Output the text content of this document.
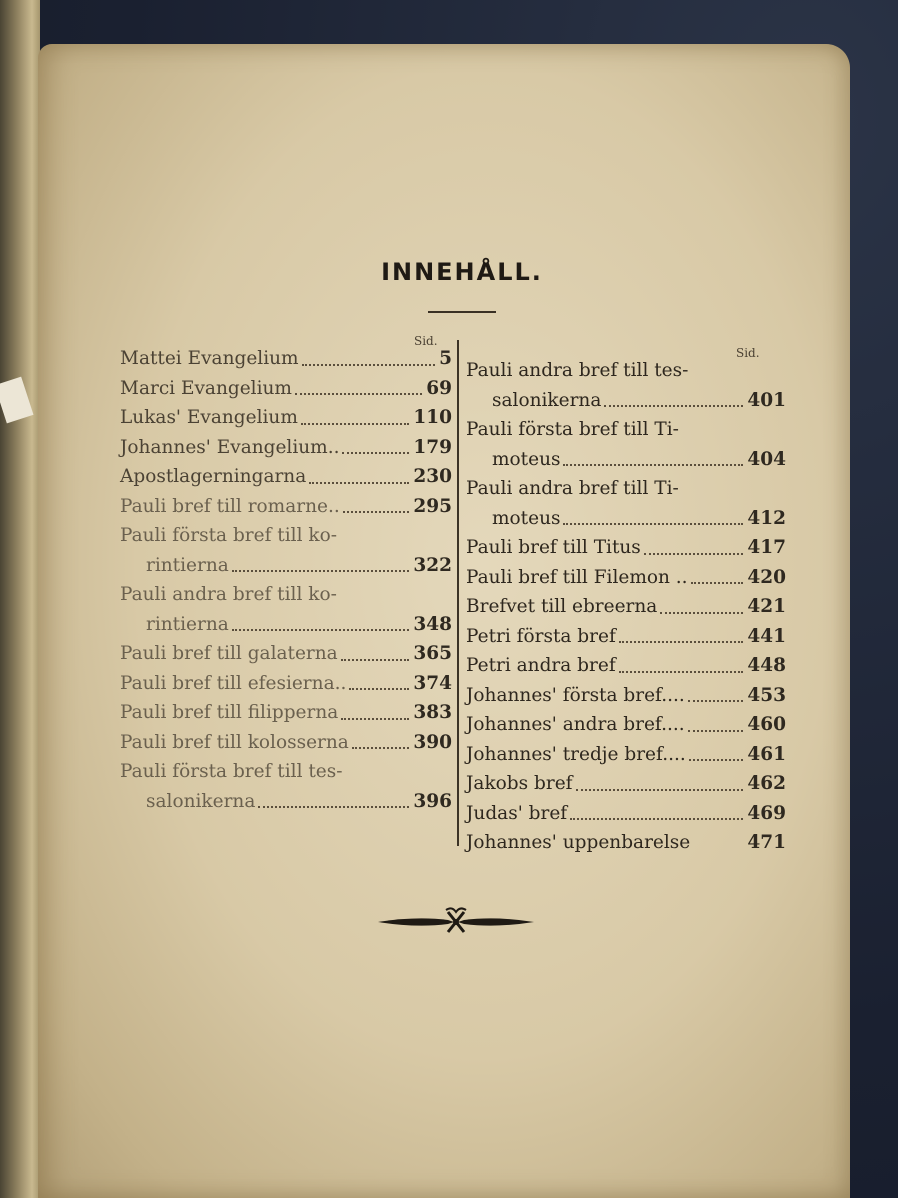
INNEHÅLL.
Sid.
Sid.
Mattei Evangelium	5
Marci Evangelium	69
Lukas' Evangelium	110
Johannes' Evangelium..	179
Apostlagerningarna	230
Pauli bref till romarne..	295
Pauli första bref till ko-
rintierna	322
Pauli andra bref till ko-
rintierna	348
Pauli bref till galaterna	365
Pauli bref till efesierna..	374
Pauli bref till filipperna	383
Pauli bref till kolosserna	390
Pauli första bref till tes-
salonikerna	396
Pauli andra bref till tes-
salonikerna	401
Pauli första bref till Ti-
moteus	404
Pauli andra bref till Ti-
moteus	412
Pauli bref till Titus	417
Pauli bref till Filemon ..	420
Brefvet till ebreerna	421
Petri första bref	441
Petri andra bref	448
Johannes' första bref....	453
Johannes' andra bref....	460
Johannes' tredje bref....	461
Jakobs bref	462
Judas' bref	469
Johannes' uppenbarelse	471
